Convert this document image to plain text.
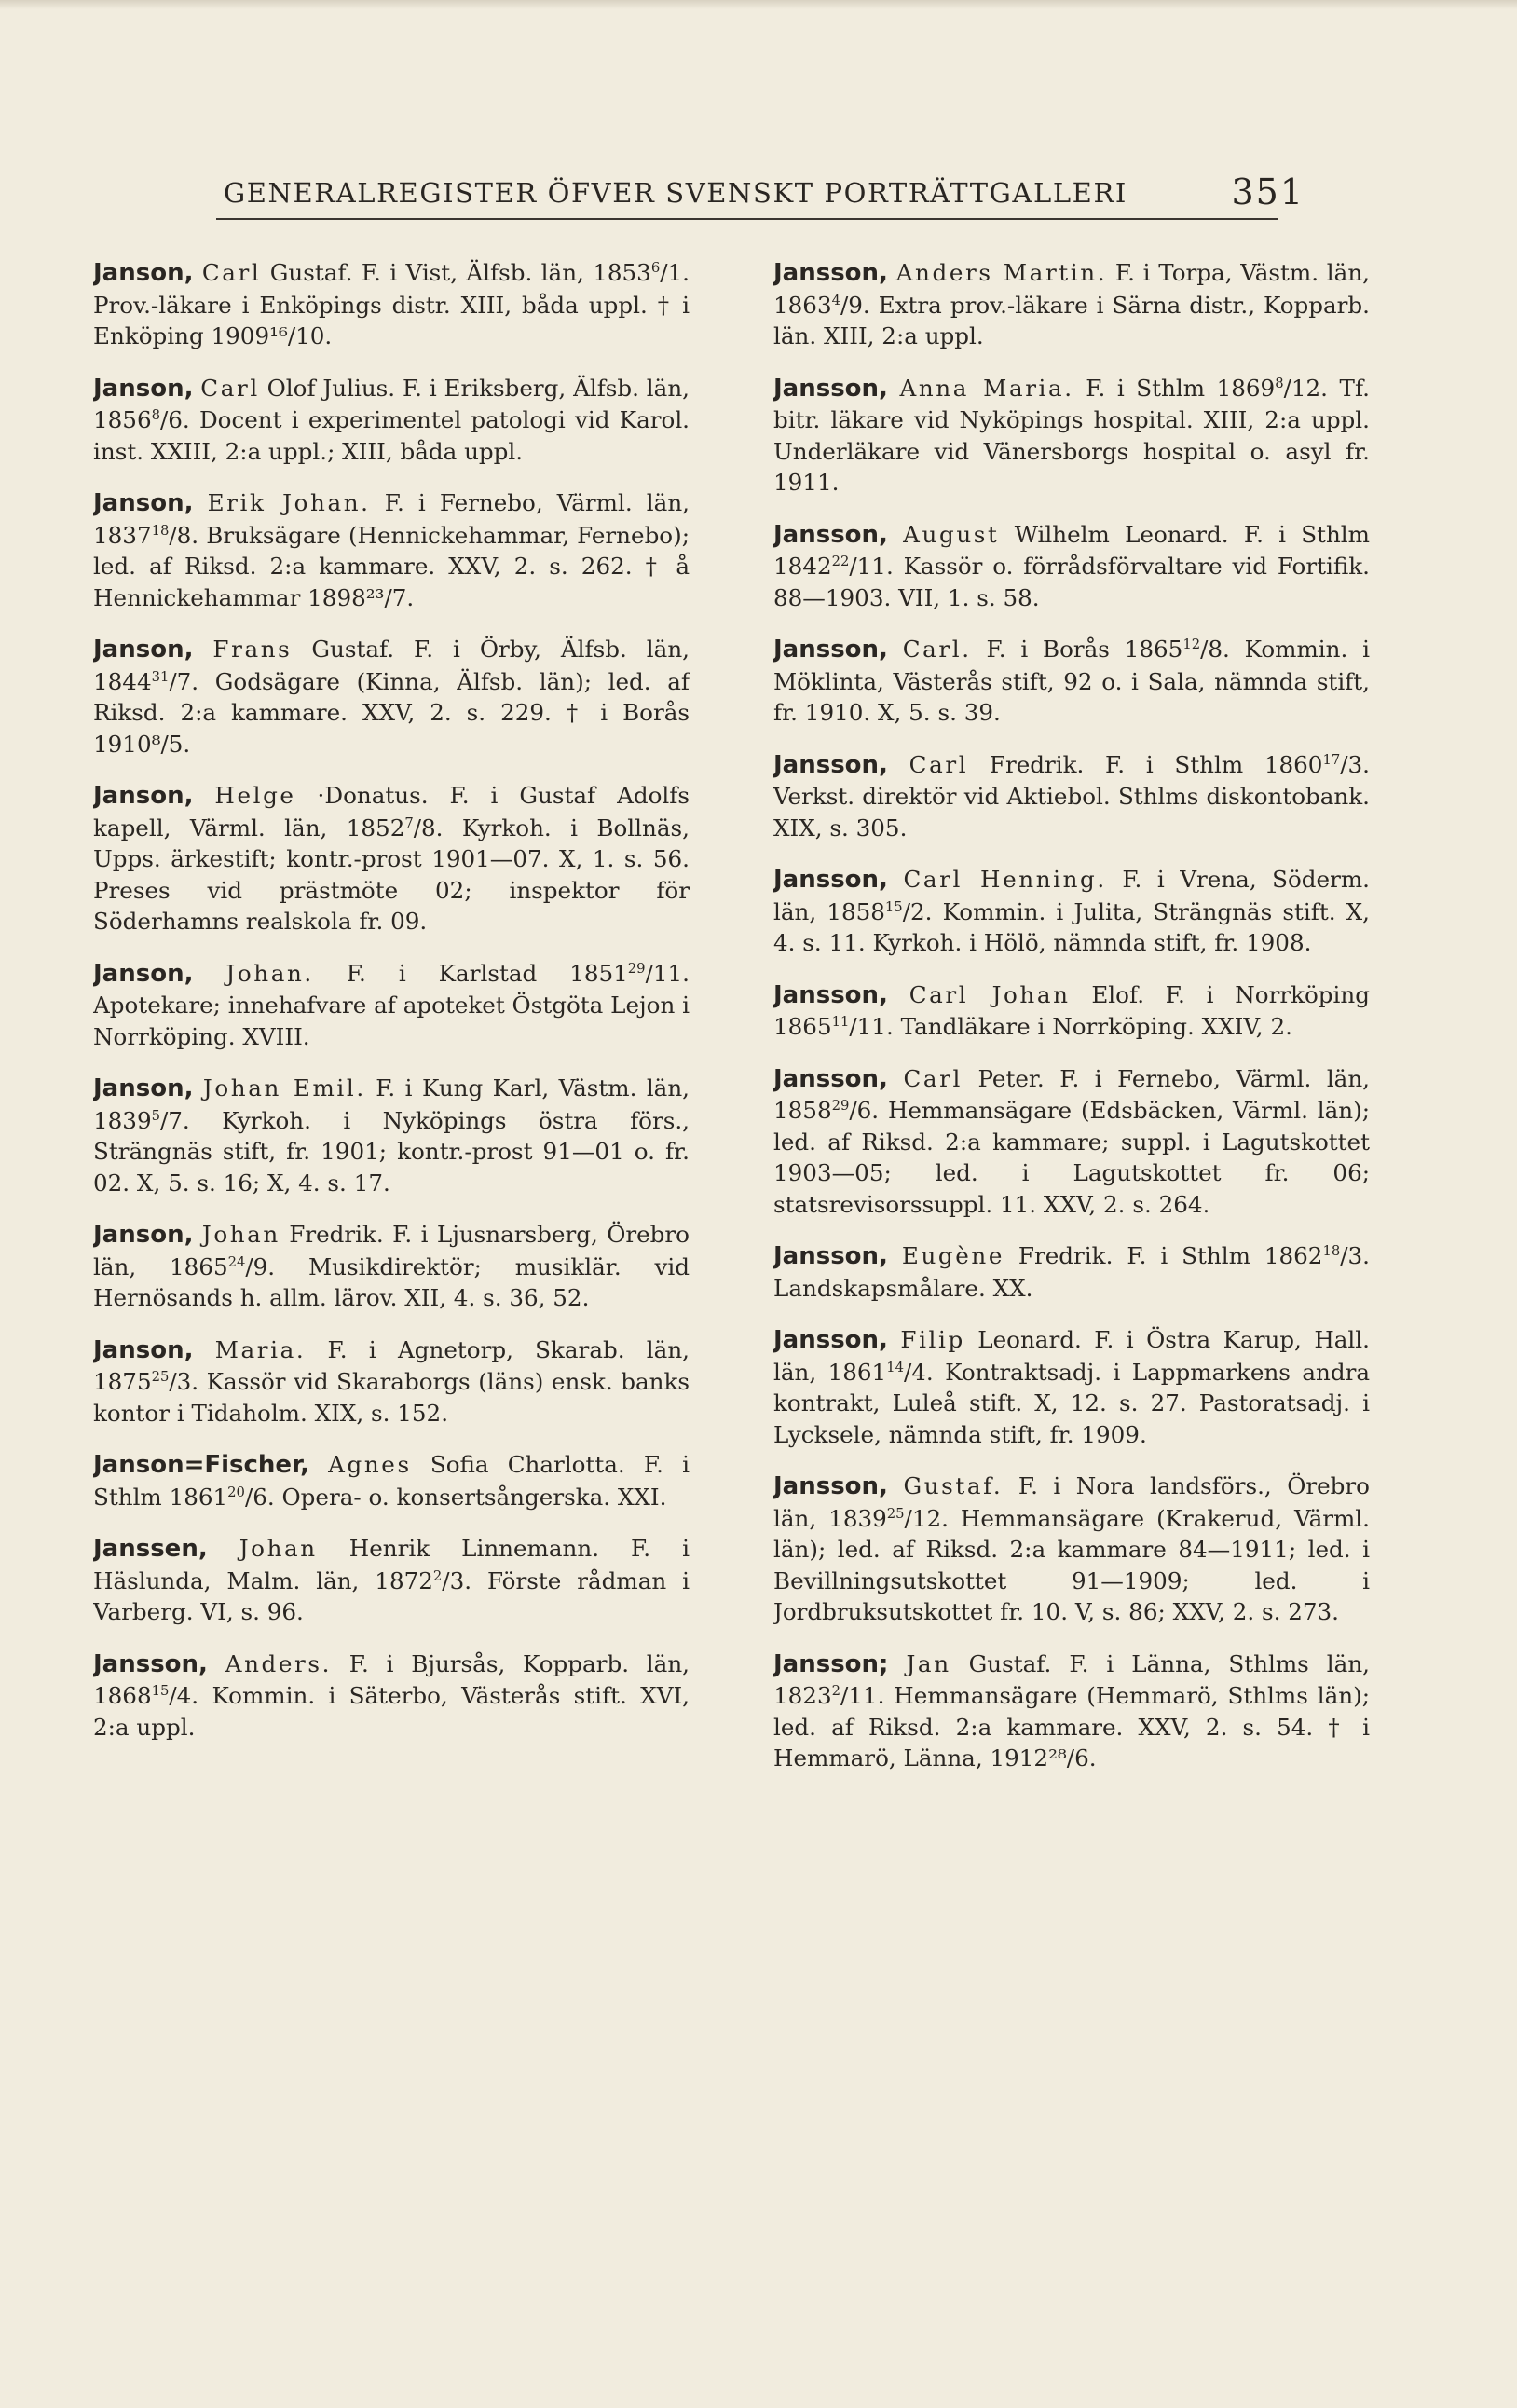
GENERALREGISTER ÖFVER SVENSKT PORTRÄTTGALLERI	351

Janson, Carl Gustaf. F. i Vist, Älfsb. län, 1853$^6$/1. Prov.-läkare i Enköpings distr. XIII, båda uppl. † i Enköping 1909¹⁶/10.

Janson, Carl Olof Julius. F. i Eriksberg, Älfsb. län, 1856$^8$/6. Docent i experimentel patologi vid Karol. inst. XXIII, 2:a uppl.; XIII, båda uppl.

Janson, Erik Johan. F. i Fernebo, Värml. län, 1837$^{18}$/8. Bruksägare (Hennickehammar, Fernebo); led. af Riksd. 2:a kammare. XXV, 2. s. 262. † å Hennickehammar 1898²³/7.

Janson, Frans Gustaf. F. i Örby, Älfsb. län, 1844$^{31}$/7. Godsägare (Kinna, Älfsb. län); led. af Riksd. 2:a kammare. XXV, 2. s. 229. † i Borås 1910⁸/5.

Janson, Helge ·Donatus. F. i Gustaf Adolfs kapell, Värml. län, 1852$^7$/8. Kyrkoh. i Bollnäs, Upps. ärkestift; kontr.-prost 1901—07. X, 1. s. 56. Preses vid prästmöte 02; inspektor för Söderhamns realskola fr. 09.

Janson, Johan. F. i Karlstad 1851$^{29}$/11. Apotekare; innehafvare af apoteket Östgöta Lejon i Norrköping. XVIII.

Janson, Johan Emil. F. i Kung Karl, Västm. län, 1839$^5$/7. Kyrkoh. i Nyköpings östra förs., Strängnäs stift, fr. 1901; kontr.-prost 91—01 o. fr. 02. X, 5. s. 16; X, 4. s. 17.

Janson, Johan Fredrik. F. i Ljusnarsberg, Örebro län, 1865$^{24}$/9. Musikdirektör; musiklär. vid Hernösands h. allm. lärov. XII, 4. s. 36, 52.

Janson, Maria. F. i Agnetorp, Skarab. län, 1875$^{25}$/3. Kassör vid Skaraborgs (läns) ensk. banks kontor i Tidaholm. XIX, s. 152.

Janson=Fischer, Agnes Sofia Charlotta. F. i Sthlm 1861$^{20}$/6. Opera- o. konsertsångerska. XXI.

Janssen, Johan Henrik Linnemann. F. i Häslunda, Malm. län, 1872$^2$/3. Förste rådman i Varberg. VI, s. 96.

Jansson, Anders. F. i Bjursås, Kopparb. län, 1868$^{15}$/4. Kommin. i Säterbo, Västerås stift. XVI, 2:a uppl.

Jansson, Anders Martin. F. i Torpa, Västm. län, 1863$^4$/9. Extra prov.-läkare i Särna distr., Kopparb. län. XIII, 2:a uppl.

Jansson, Anna Maria. F. i Sthlm 1869$^8$/12. Tf. bitr. läkare vid Nyköpings hospital. XIII, 2:a uppl. Underläkare vid Vänersborgs hospital o. asyl fr. 1911.

Jansson, August Wilhelm Leonard. F. i Sthlm 1842$^{22}$/11. Kassör o. förrådsförvaltare vid Fortifik. 88—1903. VII, 1. s. 58.

Jansson, Carl. F. i Borås 1865$^{12}$/8. Kommin. i Möklinta, Västerås stift, 92 o. i Sala, nämnda stift, fr. 1910. X, 5. s. 39.

Jansson, Carl Fredrik. F. i Sthlm 1860$^{17}$/3. Verkst. direktör vid Aktiebol. Sthlms diskontobank. XIX, s. 305.

Jansson, Carl Henning. F. i Vrena, Söderm. län, 1858$^{15}$/2. Kommin. i Julita, Strängnäs stift. X, 4. s. 11. Kyrkoh. i Hölö, nämnda stift, fr. 1908.

Jansson, Carl Johan Elof. F. i Norrköping 1865$^{11}$/11. Tandläkare i Norrköping. XXIV, 2.

Jansson, Carl Peter. F. i Fernebo, Värml. län, 1858$^{29}$/6. Hemmansägare (Edsbäcken, Värml. län); led. af Riksd. 2:a kammare; suppl. i Lagutskottet 1903—05; led. i Lagutskottet fr. 06; statsrevisorssuppl. 11. XXV, 2. s. 264.

Jansson, Eugène Fredrik. F. i Sthlm 1862$^{18}$/3. Landskapsmålare. XX.

Jansson, Filip Leonard. F. i Östra Karup, Hall. län, 1861$^{14}$/4. Kontraktsadj. i Lappmarkens andra kontrakt, Luleå stift. X, 12. s. 27. Pastoratsadj. i Lycksele, nämnda stift, fr. 1909.

Jansson, Gustaf. F. i Nora landsförs., Örebro län, 1839$^{25}$/12. Hemmansägare (Krakerud, Värml. län); led. af Riksd. 2:a kammare 84—1911; led. i Bevillningsutskottet 91—1909; led. i Jordbruksutskottet fr. 10. V, s. 86; XXV, 2. s. 273.

Jansson; Jan Gustaf. F. i Länna, Sthlms län, 1823$^2$/11. Hemmansägare (Hemmarö, Sthlms län); led. af Riksd. 2:a kammare. XXV, 2. s. 54. † i Hemmarö, Länna, 1912²⁸/6.
